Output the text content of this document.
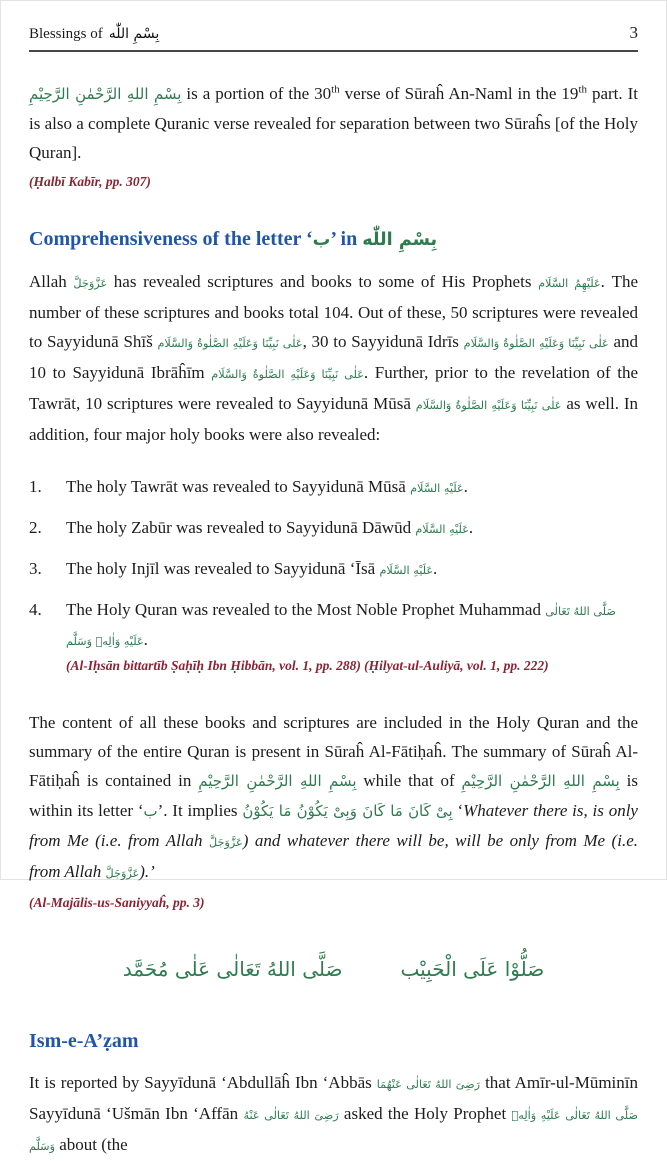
Blessings of بِسْمِ اللّٰه	3

بِسْمِ اللهِ الرَّحْمٰنِ الرَّحِيْمِ is a portion of the 30th verse of Sūraĥ An-Naml in the 19th part. It is also a complete Quranic verse revealed for separation between two Sūraĥs [of the Holy Quran].

(Ḥalbī Kabīr, pp. 307)

Comprehensiveness of the letter ‘ب’ in بِسْمِ اللّٰه

Allah عَزَّوَجَلَّ has revealed scriptures and books to some of His Prophets عَلَيْهِمُ السَّلَام. The number of these scriptures and books total 104. Out of these, 50 scriptures were revealed to Sayyidunā Shīš عَلٰى نَبِيِّنَا وَعَلَيْهِ الصَّلٰوةُ وَالسَّلَام, 30 to Sayyidunā Idrīs عَلٰى نَبِيِّنَا وَعَلَيْهِ الصَّلٰوةُ وَالسَّلَام and 10 to Sayyidunā Ibrāĥīm عَلٰى نَبِيِّنَا وَعَلَيْهِ الصَّلٰوةُ وَالسَّلَام. Further, prior to the revelation of the Tawrāt, 10 scriptures were revealed to Sayyidunā Mūsā عَلٰى نَبِيِّنَا وَعَلَيْهِ الصَّلٰوةُ وَالسَّلَام as well. In addition, four major holy books were also revealed:

1.	The holy Tawrāt was revealed to Sayyidunā Mūsā عَلَيْهِ السَّلَام.
2.	The holy Zabūr was revealed to Sayyidunā Dāwūd عَلَيْهِ السَّلَام.
3.	The holy Injīl was revealed to Sayyidunā ‘Īsā عَلَيْهِ السَّلَام.
4.	The Holy Quran was revealed to the Most Noble Prophet Muhammad صَلَّى اللهُ تَعَالٰى عَلَيْهِ وَاٰلِهٖ وَسَلَّم.
(Al-Iḥsān bittartīb Ṣaḥīḥ Ibn Ḥibbān, vol. 1, pp. 288) (Ḥilyat-ul-Auliyā, vol. 1, pp. 222)

The content of all these books and scriptures are included in the Holy Quran and the summary of the entire Quran is present in Sūraĥ Al-Fātiḥaĥ. The summary of Sūraĥ Al-Fātiḥaĥ is contained in بِسْمِ اللهِ الرَّحْمٰنِ الرَّحِيْمِ while that of بِسْمِ اللهِ الرَّحْمٰنِ الرَّحِيْمِ is within its letter ‘ب’. It implies بِىْ كَانَ مَا كَانَ وَبِىْ يَكُوْنُ مَا يَكُوْنُ ‘Whatever there is, is only from Me (i.e. from Allah عَزَّوَجَلَّ) and whatever there will be, will be only from Me (i.e. from Allah عَزَّوَجَلَّ).’

(Al-Majālis-us-Saniyyaĥ, pp. 3)

صَلُّوْا عَلَى الْحَبِيْب
صَلَّى اللهُ تَعَالٰى عَلٰى مُحَمَّد
Ism-e-A’ẓam

It is reported by Sayyīdunā ‘Abdullāĥ Ibn ‘Abbās رَضِىَ اللهُ تَعَالٰى عَنْهُمَا that Amīr-ul-Mūminīn Sayyīdunā ‘Ušmān Ibn ‘Affān رَضِىَ اللهُ تَعَالٰى عَنْهُ asked the Holy Prophet صَلَّى اللهُ تَعَالٰى عَلَيْهِ وَاٰلِهٖ وَسَلَّم about (the
